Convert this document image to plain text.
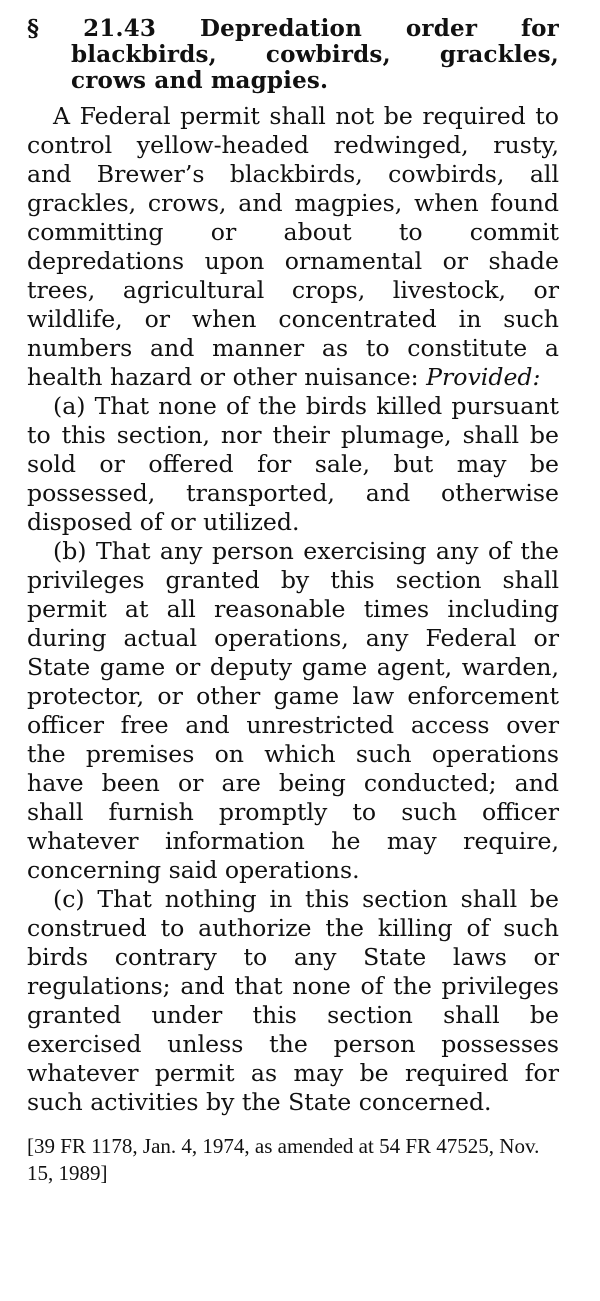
§ 21.43 Depredation order for blackbirds, cowbirds, grackles, crows and magpies.

A Federal permit shall not be required to control yellow-headed redwinged, rusty, and Brewer’s blackbirds, cowbirds, all grackles, crows, and magpies, when found committing or about to commit depredations upon ornamental or shade trees, agricultural crops, livestock, or wildlife, or when concentrated in such numbers and manner as to constitute a health hazard or other nuisance: Provided:

(a) That none of the birds killed pursuant to this section, nor their plumage, shall be sold or offered for sale, but may be possessed, transported, and otherwise disposed of or utilized.

(b) That any person exercising any of the privileges granted by this section shall permit at all reasonable times including during actual operations, any Federal or State game or deputy game agent, warden, protector, or other game law enforcement officer free and unrestricted access over the premises on which such operations have been or are being conducted; and shall furnish promptly to such officer whatever information he may require, concerning said operations.

(c) That nothing in this section shall be construed to authorize the killing of such birds contrary to any State laws or regulations; and that none of the privileges granted under this section shall be exercised unless the person possesses whatever permit as may be required for such activities by the State concerned.

[39 FR 1178, Jan. 4, 1974, as amended at 54 FR 47525, Nov. 15, 1989]
